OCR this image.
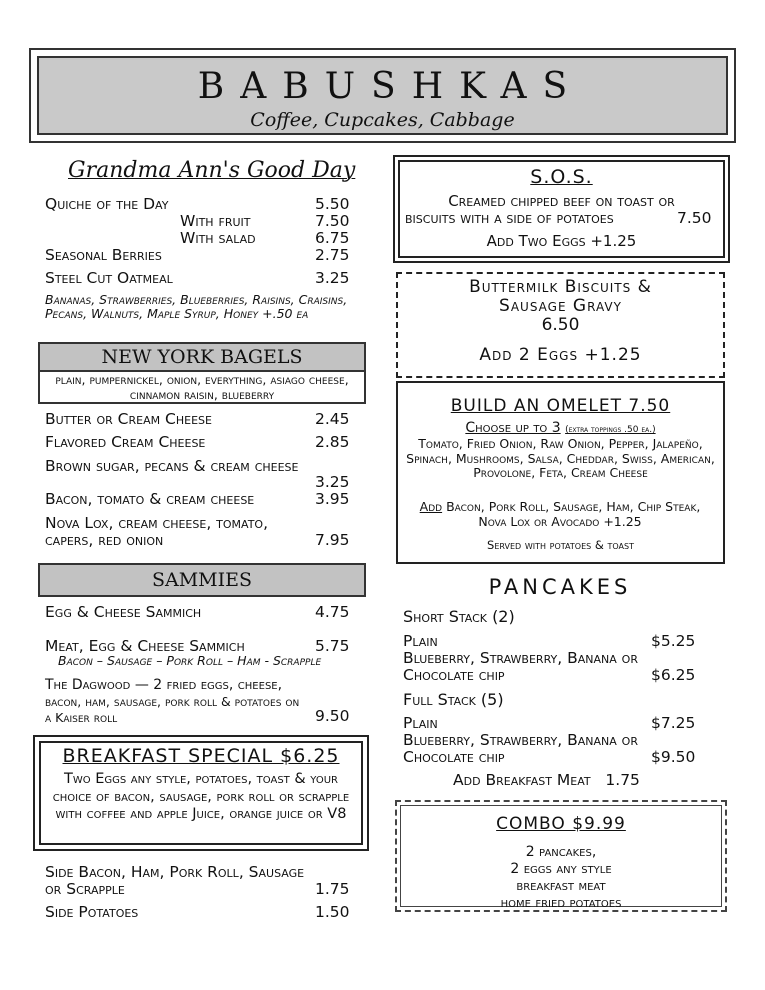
BABUSHKAS
Coffee, Cupcakes, Cabbage
Grandma Ann's Good Day
Quiche of the Day	5.50
With fruit	7.50
With salad	6.75
Seasonal Berries	2.75
Steel Cut Oatmeal	3.25
Bananas, Strawberries, Blueberries, Raisins, Craisins, Pecans, Walnuts, Maple Syrup, Honey +.50 ea
NEW YORK BAGELS
plain, pumpernickel, onion, everything, asiago cheese, cinnamon raisin, blueberry
Butter or Cream Cheese	2.45
Flavored Cream Cheese	2.85
Brown sugar, pecans & cream cheese
3.25
Bacon, tomato & cream cheese	3.95
Nova Lox, cream cheese, tomato,
capers, red onion	7.95
SAMMIES
Egg & Cheese Sammich	4.75
Meat, Egg & Cheese Sammich	5.75
Bacon – Sausage – Pork Roll – Ham - Scrapple
The Dagwood — 2 fried eggs, cheese,
bacon, ham, sausage, pork roll & potatoes on
a Kaiser roll	9.50
BREAKFAST SPECIAL $6.25
Two Eggs any style, potatoes, toast & your choice of bacon, sausage, pork roll or scrapple with coffee and apple Juice, orange juice or V8
Side Bacon, Ham, Pork Roll, Sausage
or Scrapple	1.75
Side Potatoes	1.50
S.O.S.
Creamed chipped beef on toast or
biscuits with a side of potatoes	7.50
Add Two Eggs +1.25
Buttermilk Biscuits &
Sausage Gravy
6.50
Add 2 Eggs +1.25
BUILD AN OMELET 7.50
Choose up to 3 (extra toppings .50 ea.)
Tomato, Fried Onion, Raw Onion, Pepper, Jalapeño, Spinach, Mushrooms, Salsa, Cheddar, Swiss, American, Provolone, Feta, Cream Cheese
Add Bacon, Pork Roll, Sausage, Ham, Chip Steak, Nova Lox or Avocado +1.25
Served with potatoes & toast
PANCAKES
Short Stack (2)
Plain	$5.25
Blueberry, Strawberry, Banana or
Chocolate chip	$6.25
Full Stack (5)
Plain	$7.25
Blueberry, Strawberry, Banana or
Chocolate chip	$9.50
Add Breakfast Meat   1.75
COMBO $9.99
2 pancakes,
2 eggs any style
breakfast meat
home fried potatoes
